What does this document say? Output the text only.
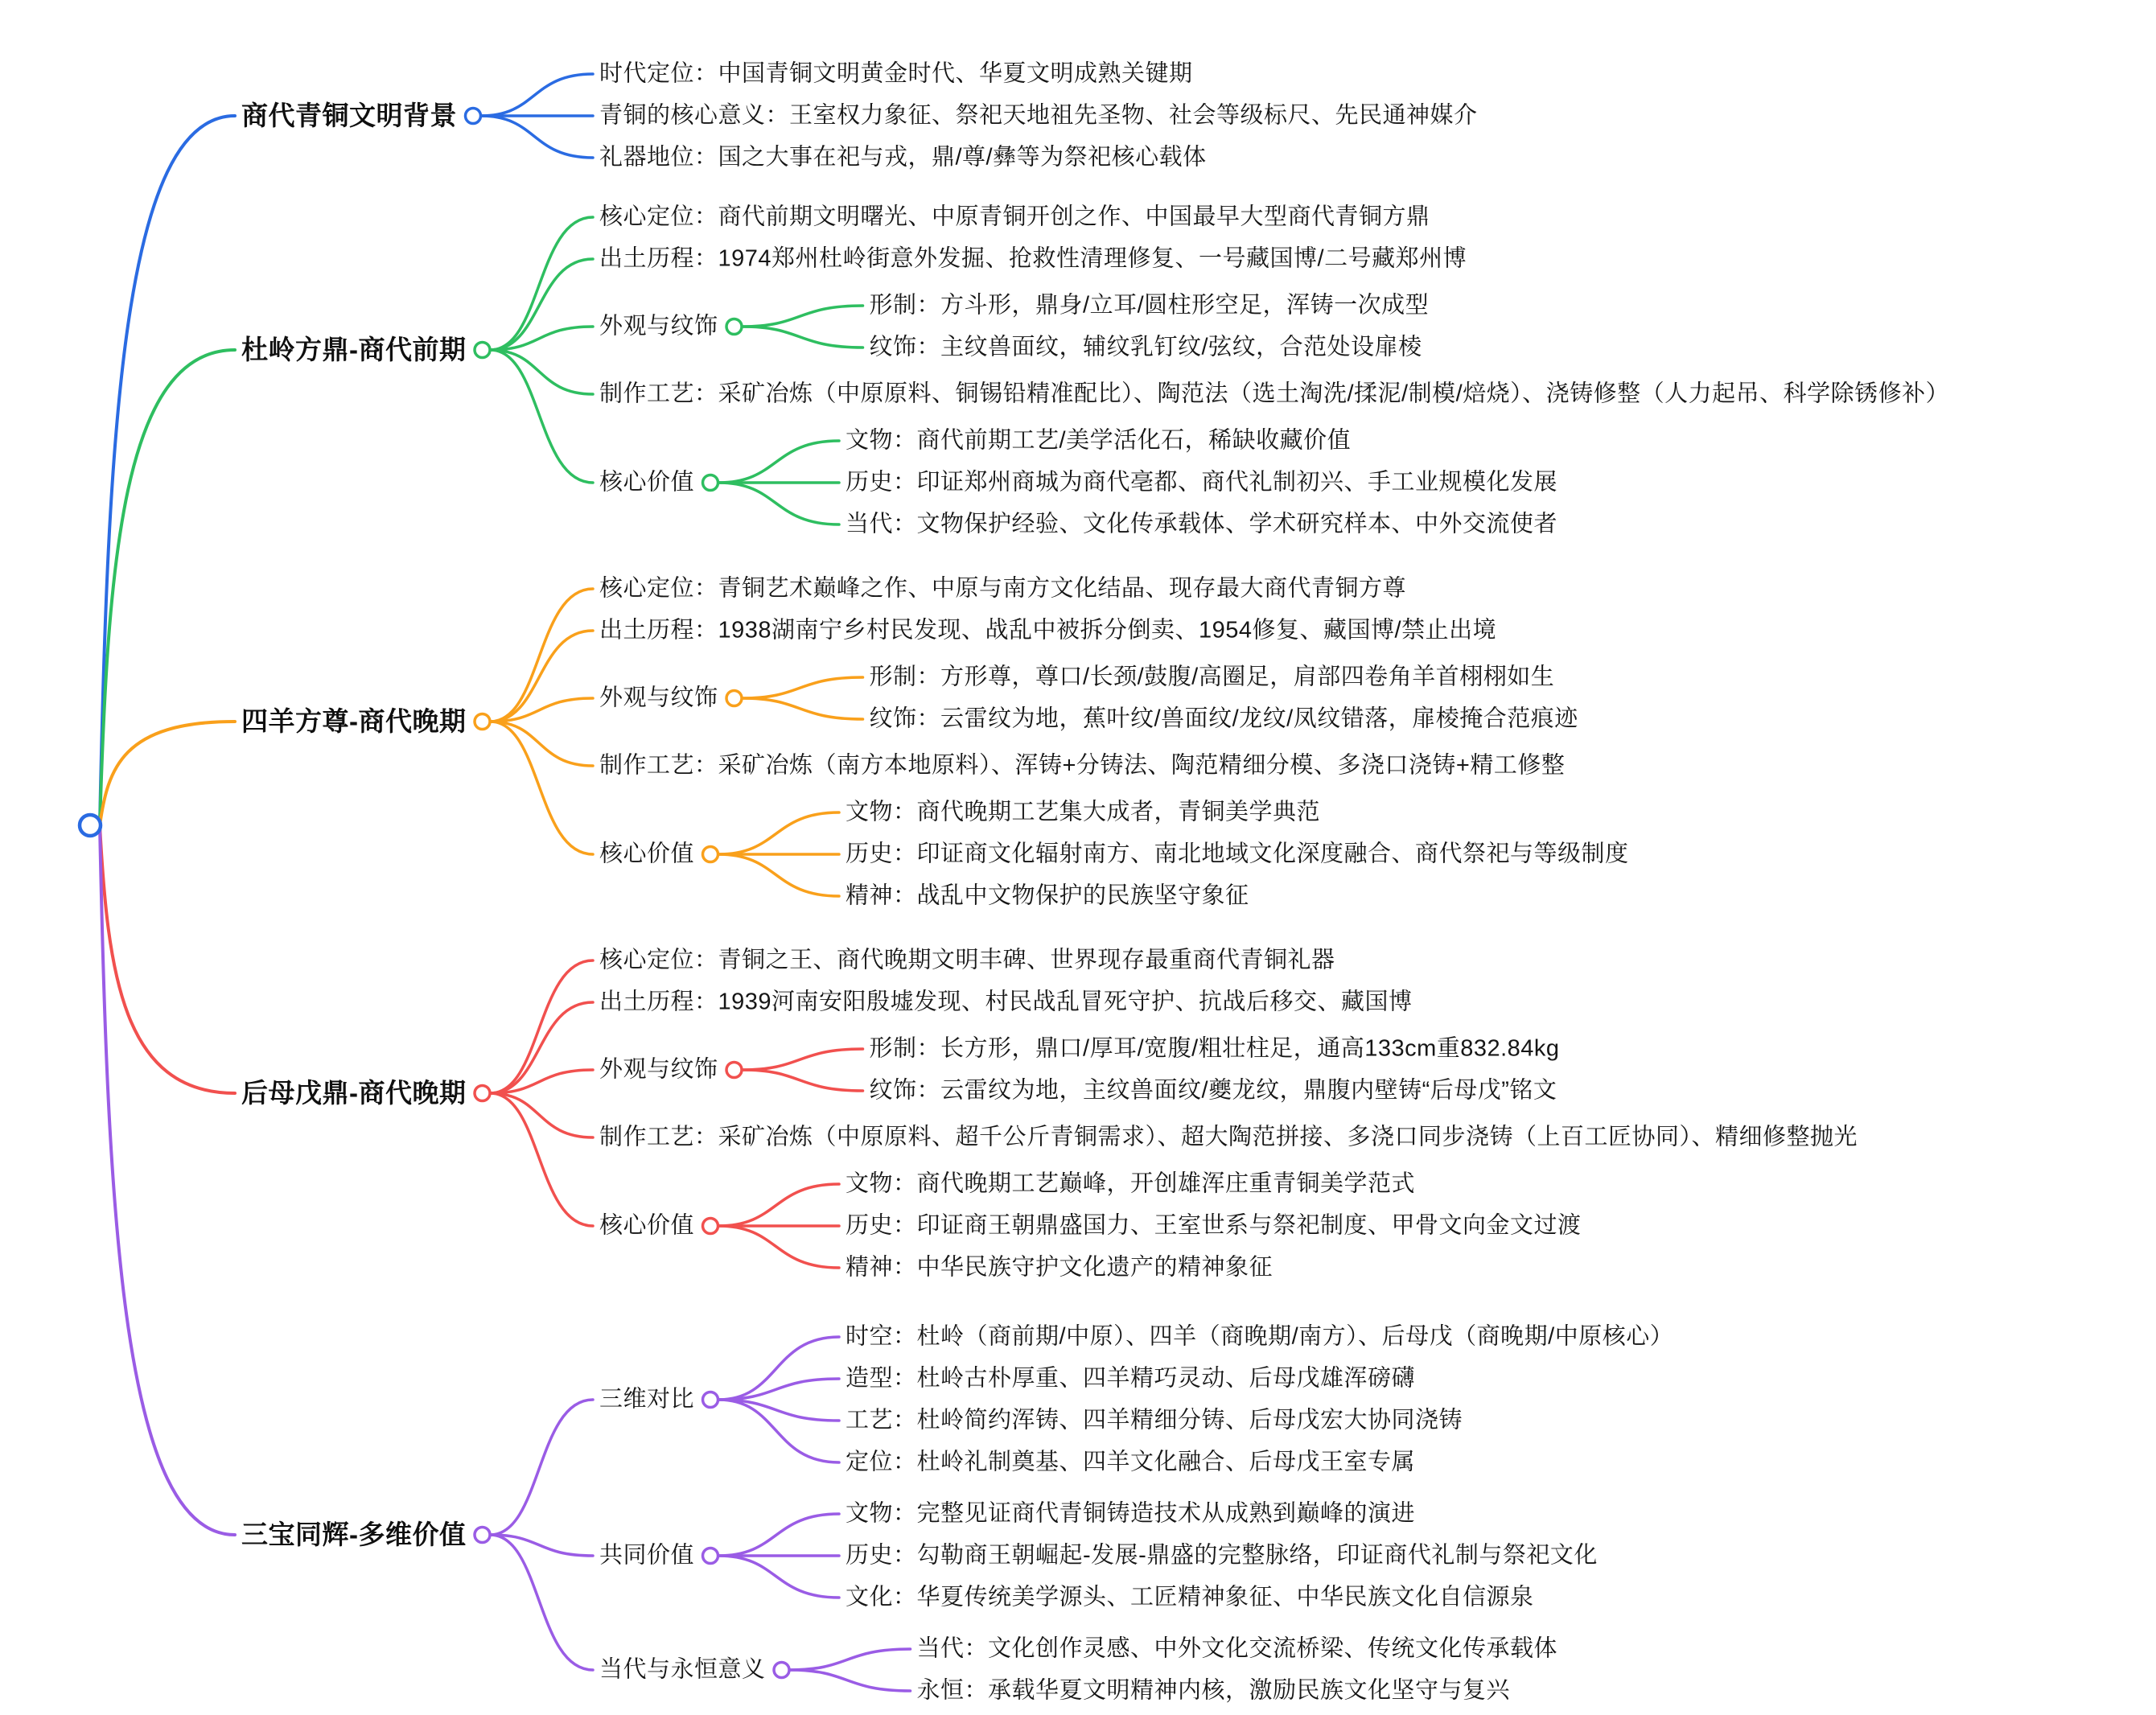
商代青铜文明背景
时代定位：中国青铜文明黄金时代、华夏文明成熟关键期
青铜的核心意义：王室权力象征、祭祀天地祖先圣物、社会等级标尺、先民通神媒介
礼器地位：国之大事在祀与戎，鼎/尊/彝等为祭祀核心载体
杜岭方鼎-商代前期
核心定位：商代前期文明曙光、中原青铜开创之作、中国最早大型商代青铜方鼎
出土历程：1974郑州杜岭街意外发掘、抢救性清理修复、一号藏国博/二号藏郑州博
外观与纹饰
形制：方斗形，鼎身/立耳/圆柱形空足，浑铸一次成型
纹饰：主纹兽面纹，辅纹乳钉纹/弦纹，合范处设扉棱
制作工艺：采矿冶炼（中原原料、铜锡铅精准配比）、陶范法（选土淘洗/揉泥/制模/焙烧）、浇铸修整（人力起吊、科学除锈修补）
核心价值
文物：商代前期工艺/美学活化石，稀缺收藏价值
历史：印证郑州商城为商代亳都、商代礼制初兴、手工业规模化发展
当代：文物保护经验、文化传承载体、学术研究样本、中外交流使者
四羊方尊-商代晚期
核心定位：青铜艺术巅峰之作、中原与南方文化结晶、现存最大商代青铜方尊
出土历程：1938湖南宁乡村民发现、战乱中被拆分倒卖、1954修复、藏国博/禁止出境
外观与纹饰
形制：方形尊，尊口/长颈/鼓腹/高圈足，肩部四卷角羊首栩栩如生
纹饰：云雷纹为地，蕉叶纹/兽面纹/龙纹/凤纹错落，扉棱掩合范痕迹
制作工艺：采矿冶炼（南方本地原料）、浑铸+分铸法、陶范精细分模、多浇口浇铸+精工修整
核心价值
文物：商代晚期工艺集大成者，青铜美学典范
历史：印证商文化辐射南方、南北地域文化深度融合、商代祭祀与等级制度
精神：战乱中文物保护的民族坚守象征
后母戊鼎-商代晚期
核心定位：青铜之王、商代晚期文明丰碑、世界现存最重商代青铜礼器
出土历程：1939河南安阳殷墟发现、村民战乱冒死守护、抗战后移交、藏国博
外观与纹饰
形制：长方形，鼎口/厚耳/宽腹/粗壮柱足，通高133cm重832.84kg
纹饰：云雷纹为地，主纹兽面纹/夔龙纹，鼎腹内壁铸“后母戊”铭文
制作工艺：采矿冶炼（中原原料、超千公斤青铜需求）、超大陶范拼接、多浇口同步浇铸（上百工匠协同）、精细修整抛光
核心价值
文物：商代晚期工艺巅峰，开创雄浑庄重青铜美学范式
历史：印证商王朝鼎盛国力、王室世系与祭祀制度、甲骨文向金文过渡
精神：中华民族守护文化遗产的精神象征
三宝同辉-多维价值
三维对比
时空：杜岭（商前期/中原）、四羊（商晚期/南方）、后母戊（商晚期/中原核心）
造型：杜岭古朴厚重、四羊精巧灵动、后母戊雄浑磅礴
工艺：杜岭简约浑铸、四羊精细分铸、后母戊宏大协同浇铸
定位：杜岭礼制奠基、四羊文化融合、后母戊王室专属
共同价值
文物：完整见证商代青铜铸造技术从成熟到巅峰的演进
历史：勾勒商王朝崛起-发展-鼎盛的完整脉络，印证商代礼制与祭祀文化
文化：华夏传统美学源头、工匠精神象征、中华民族文化自信源泉
当代与永恒意义
当代：文化创作灵感、中外文化交流桥梁、传统文化传承载体
永恒：承载华夏文明精神内核，激励民族文化坚守与复兴
